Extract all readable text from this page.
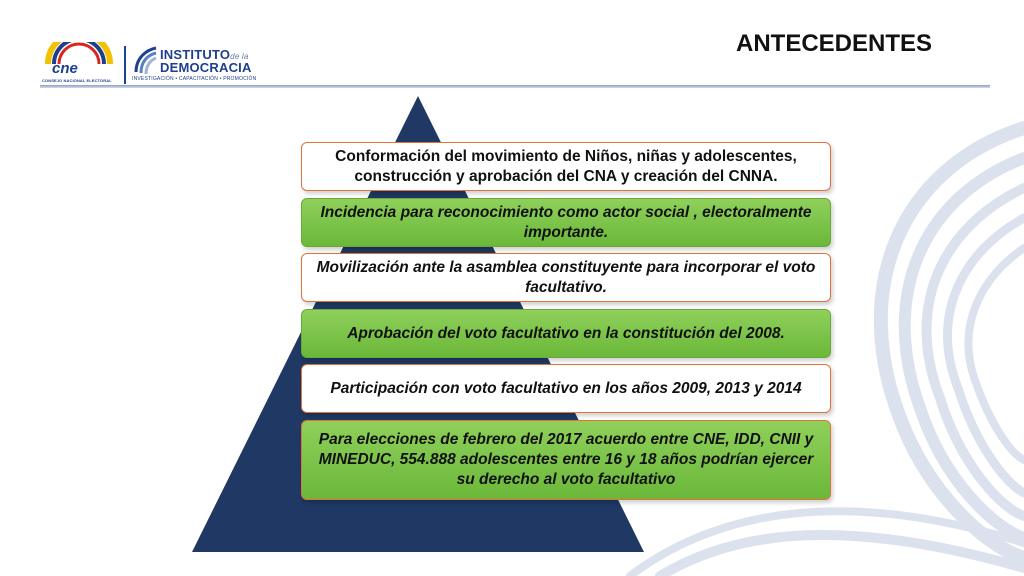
cne
CONSEJO NACIONAL ELECTORAL
INSTITUTOde la
DEMOCRACIA
INVESTIGACIÓN • CAPACITACIÓN • PROMOCIÓN
ANTECEDENTES
Conformación del movimiento de Niños, niñas y adolescentes, construcción y aprobación del CNA y creación del CNNA.
Incidencia para reconocimiento como actor social , electoralmente importante.
Movilización ante la asamblea constituyente para incorporar el voto facultativo.
Aprobación del voto facultativo en la constitución del 2008.
Participación con voto facultativo en los años 2009, 2013 y 2014
Para elecciones de febrero del 2017 acuerdo entre CNE, IDD, CNII y MINEDUC, 554.888 adolescentes entre 16 y 18 años podrían ejercer su derecho al voto facultativo
